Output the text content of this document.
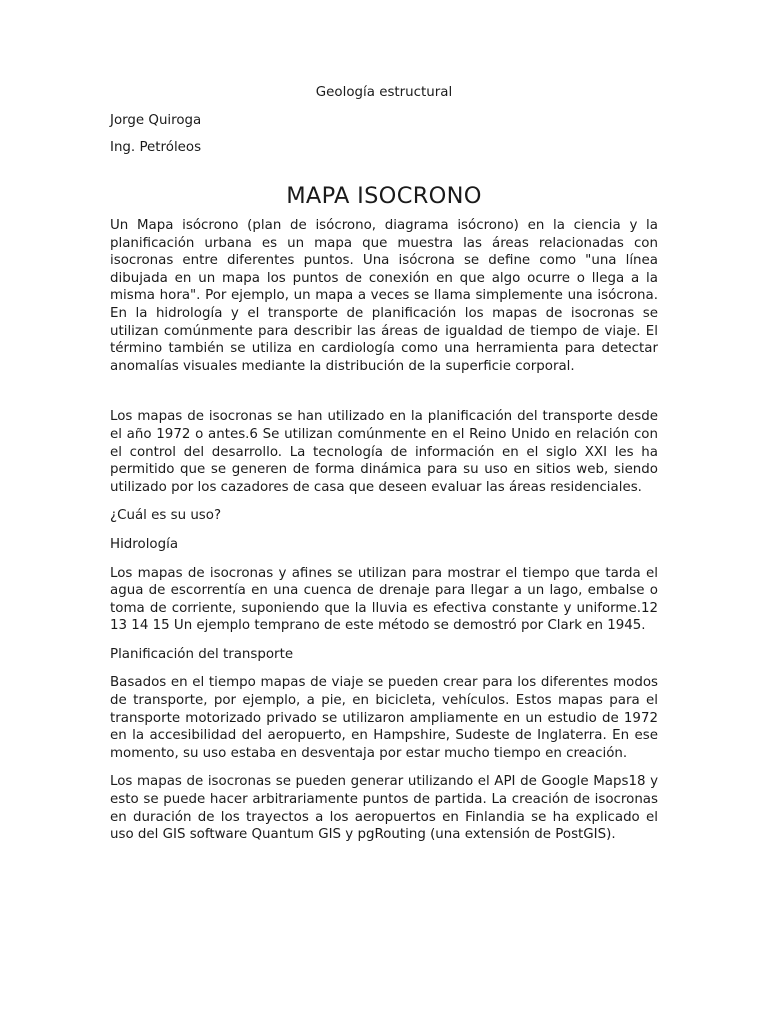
Geología estructural
Jorge Quiroga
Ing. Petróleos
MAPA ISOCRONO

Un Mapa isócrono (plan de isócrono, diagrama isócrono) en la ciencia y la planificación urbana es un mapa que muestra las áreas relacionadas con isocronas entre diferentes puntos. Una isócrona se define como "una línea dibujada en un mapa los puntos de conexión en que algo ocurre o llega a la misma hora". Por ejemplo, un mapa a veces se llama simplemente una isócrona. En la hidrología y el transporte de planificación los mapas de isocronas se utilizan comúnmente para describir las áreas de igualdad de tiempo de viaje. El término también se utiliza en cardiología como una herramienta para detectar anomalías visuales mediante la distribución de la superficie corporal.

Los mapas de isocronas se han utilizado en la planificación del transporte desde el año 1972 o antes.6 Se utilizan comúnmente en el Reino Unido en relación con el control del desarrollo. La tecnología de información en el siglo XXI les ha permitido que se generen de forma dinámica para su uso en sitios web, siendo utilizado por los cazadores de casa que deseen evaluar las áreas residenciales.

¿Cuál es su uso?
Hidrología

Los mapas de isocronas y afines se utilizan para mostrar el tiempo que tarda el agua de escorrentía en una cuenca de drenaje para llegar a un lago, embalse o toma de corriente, suponiendo que la lluvia es efectiva constante y uniforme.12 13 14 15 Un ejemplo temprano de este método se demostró por Clark en 1945.

Planificación del transporte

Basados en el tiempo mapas de viaje se pueden crear para los diferentes modos de transporte, por ejemplo, a pie, en bicicleta, vehículos. Estos mapas para el transporte motorizado privado se utilizaron ampliamente en un estudio de 1972 en la accesibilidad del aeropuerto, en Hampshire, Sudeste de Inglaterra. En ese momento, su uso estaba en desventaja por estar mucho tiempo en creación.

Los mapas de isocronas se pueden generar utilizando el API de Google Maps18 y esto se puede hacer arbitrariamente puntos de partida. La creación de isocronas en duración de los trayectos a los aeropuertos en Finlandia se ha explicado el uso del GIS software Quantum GIS y pgRouting (una extensión de PostGIS).
